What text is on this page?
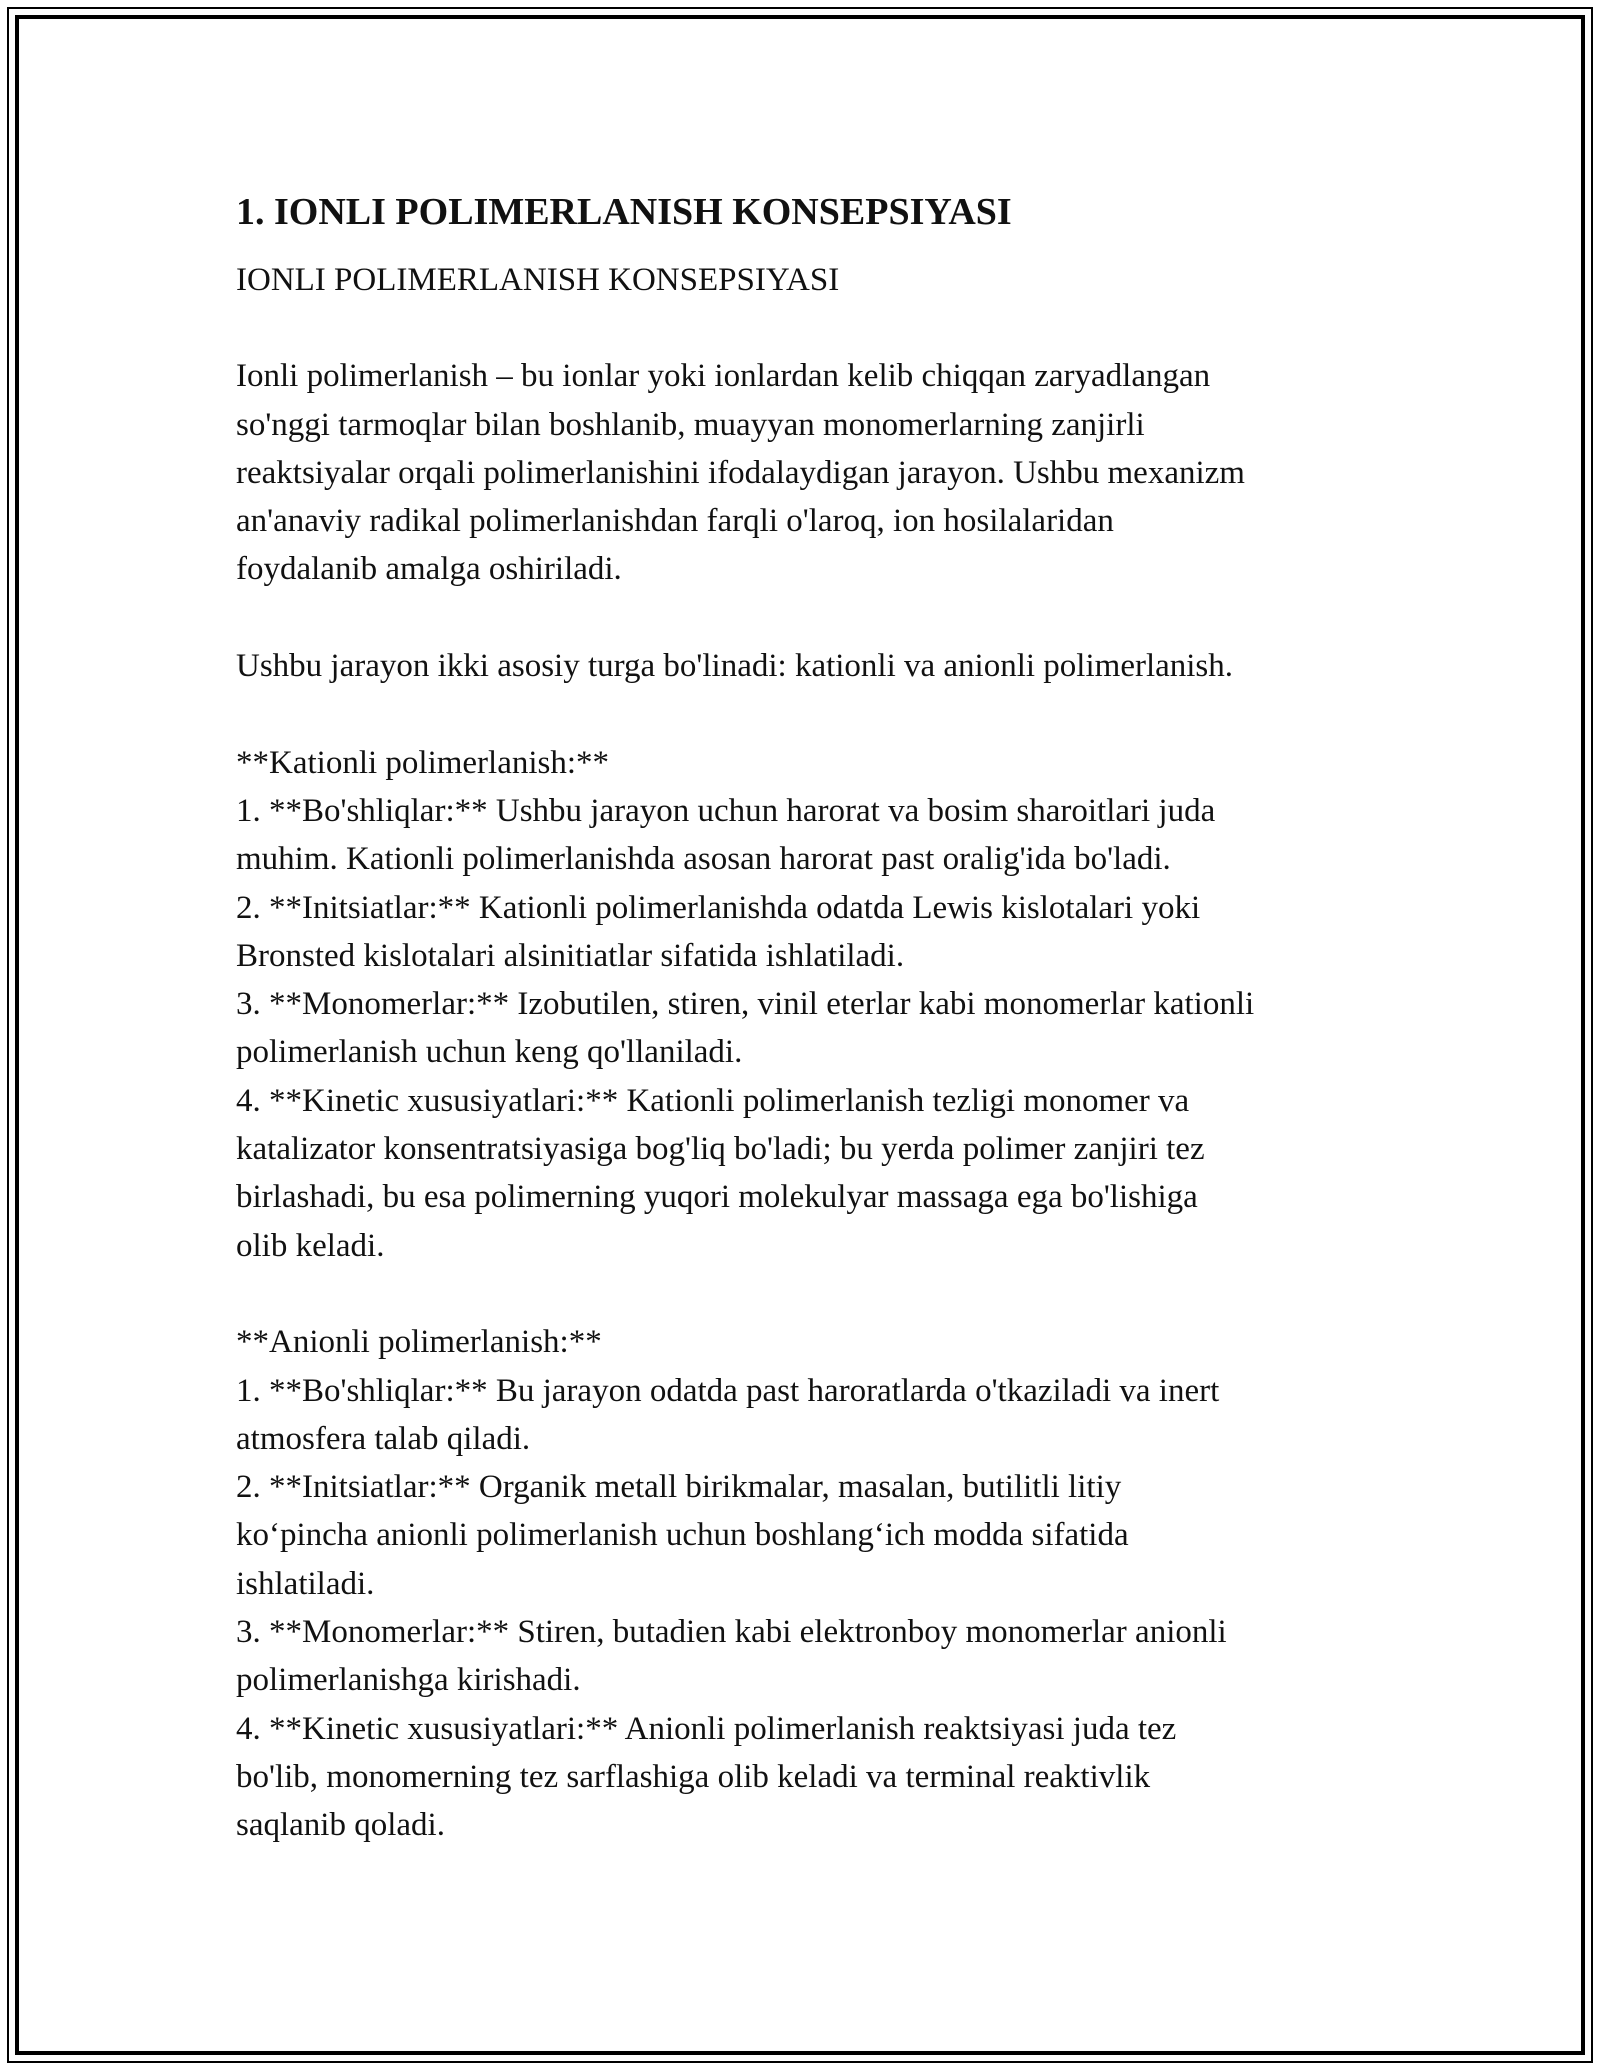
1. IONLI POLIMERLANISH KONSEPSIYASI

IONLI POLIMERLANISH KONSEPSIYASI

Ionli polimerlanish – bu ionlar yoki ionlardan kelib chiqqan zaryadlangan
so'nggi tarmoqlar bilan boshlanib, muayyan monomerlarning zanjirli
reaktsiyalar orqali polimerlanishini ifodalaydigan jarayon. Ushbu mexanizm
an'anaviy radikal polimerlanishdan farqli o'laroq, ion hosilalaridan
foydalanib amalga oshiriladi.

Ushbu jarayon ikki asosiy turga bo'linadi: kationli va anionli polimerlanish.

**Kationli polimerlanish:**

1. **Bo'shliqlar:** Ushbu jarayon uchun harorat va bosim sharoitlari juda
muhim. Kationli polimerlanishda asosan harorat past oralig'ida bo'ladi.

2. **Initsiatlar:** Kationli polimerlanishda odatda Lewis kislotalari yoki
Bronsted kislotalari alsinitiatlar sifatida ishlatiladi.

3. **Monomerlar:** Izobutilen, stiren, vinil eterlar kabi monomerlar kationli
polimerlanish uchun keng qo'llaniladi.

4. **Kinetic xususiyatlari:** Kationli polimerlanish tezligi monomer va
katalizator konsentratsiyasiga bog'liq bo'ladi; bu yerda polimer zanjiri tez
birlashadi, bu esa polimerning yuqori molekulyar massaga ega bo'lishiga
olib keladi.

**Anionli polimerlanish:**

1. **Bo'shliqlar:** Bu jarayon odatda past haroratlarda o'tkaziladi va inert
atmosfera talab qiladi.

2. **Initsiatlar:** Organik metall birikmalar, masalan, butilitli litiy
ko‘pincha anionli polimerlanish uchun boshlang‘ich modda sifatida
ishlatiladi.

3. **Monomerlar:** Stiren, butadien kabi elektronboy monomerlar anionli
polimerlanishga kirishadi.

4. **Kinetic xususiyatlari:** Anionli polimerlanish reaktsiyasi juda tez
bo'lib, monomerning tez sarflashiga olib keladi va terminal reaktivlik
saqlanib qoladi.
